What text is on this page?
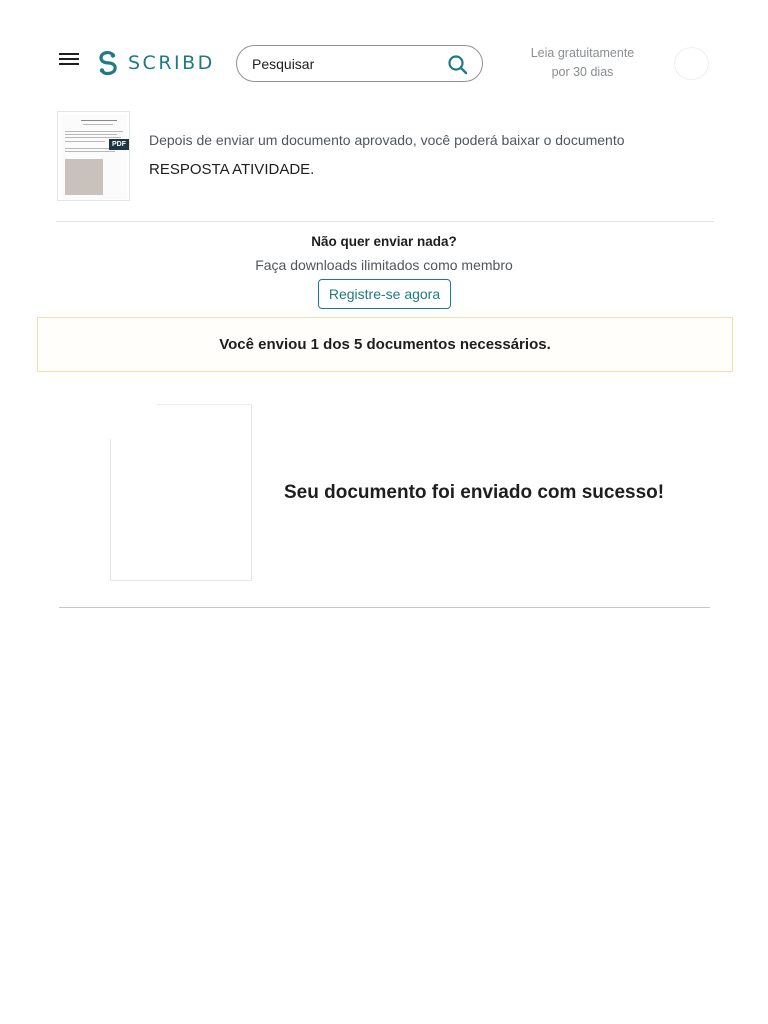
SCRIBD
Pesquisar	Leia gratuitamente
por 30 dias
PDF Depois de enviar um documento aprovado, você poderá baixar o documento
RESPOSTA ATIVIDADE.
Não quer enviar nada?
Faça downloads ilimitados como membro
Registre-se agora
Você enviou 1 dos 5 documentos necessários.
Seu documento foi enviado com sucesso!
